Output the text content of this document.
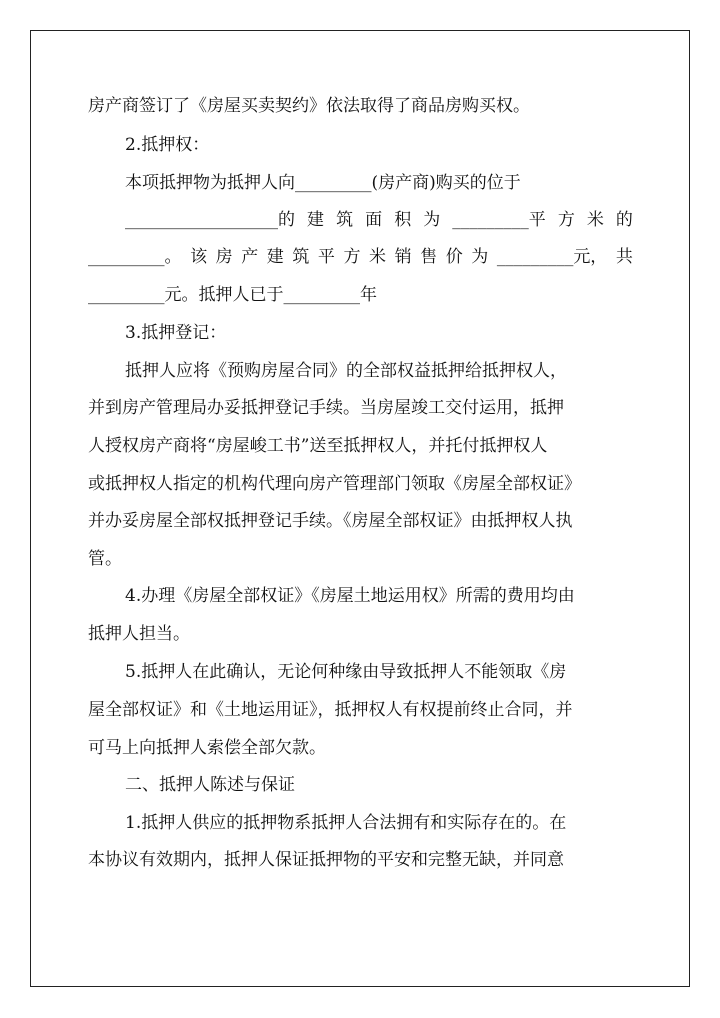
房产商签订了《房屋买卖契约》依法取得了商品房购买权。
2.抵押权：
本项抵押物为抵押人向_________(房产商)购买的位于
__________________的 建 筑 面 积 为 _________平 方 米 的
_________。 该 房 产 建 筑 平 方 米 销 售 价 为 _________元， 共
_________元。抵押人已于_________年
3.抵押登记：
抵押人应将《预购房屋合同》的全部权益抵押给抵押权人，
并到房产管理局办妥抵押登记手续。当房屋竣工交付运用，抵押
人授权房产商将“房屋峻工书”送至抵押权人，并托付抵押权人
或抵押权人指定的机构代理向房产管理部门领取《房屋全部权证》
并办妥房屋全部权抵押登记手续。《房屋全部权证》由抵押权人执
管。
4.办理《房屋全部权证》《房屋土地运用权》所需的费用均由
抵押人担当。
5.抵押人在此确认，无论何种缘由导致抵押人不能领取《房
屋全部权证》和《土地运用证》，抵押权人有权提前终止合同，并
可马上向抵押人索偿全部欠款。
二、抵押人陈述与保证
1.抵押人供应的抵押物系抵押人合法拥有和实际存在的。在
本协议有效期内，抵押人保证抵押物的平安和完整无缺，并同意
